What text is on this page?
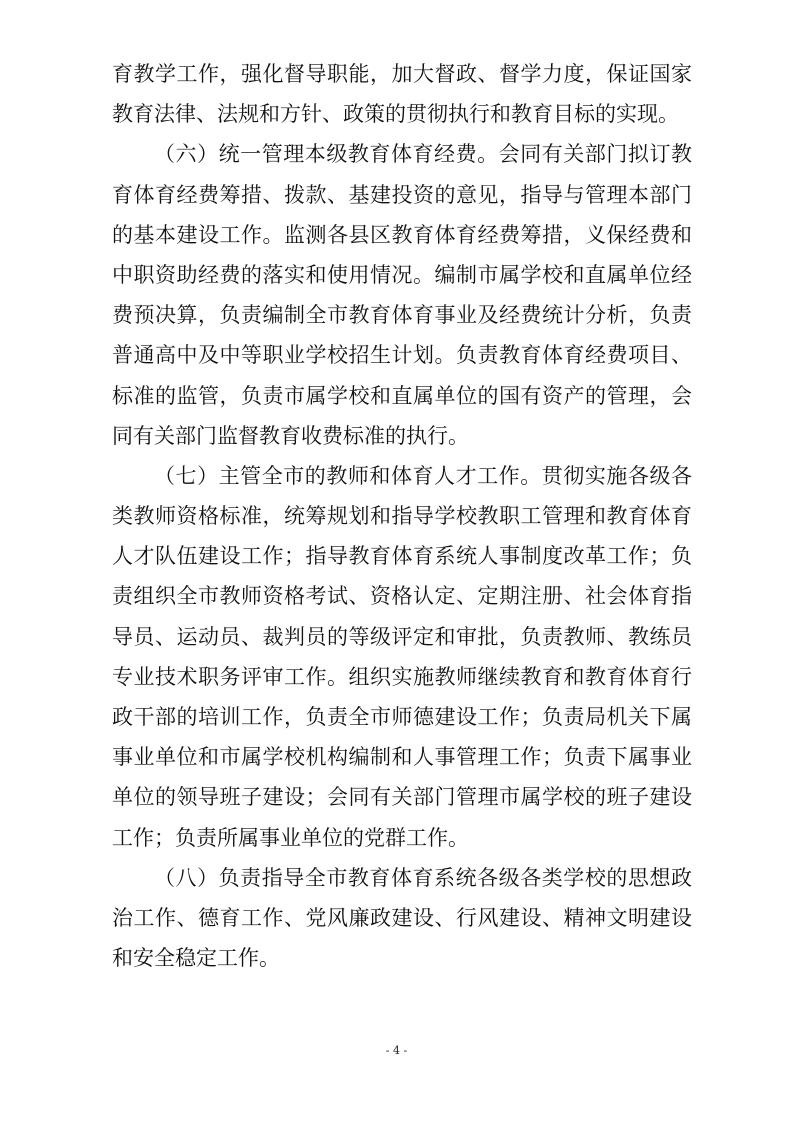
育教学工作，强化督导职能，加大督政、督学力度，保证国家
教育法律、法规和方针、政策的贯彻执行和教育目标的实现。
（六）统一管理本级教育体育经费。会同有关部门拟订教
育体育经费筹措、拨款、基建投资的意见，指导与管理本部门
的基本建设工作。监测各县区教育体育经费筹措，义保经费和
中职资助经费的落实和使用情况。编制市属学校和直属单位经
费预决算，负责编制全市教育体育事业及经费统计分析，负责
普通高中及中等职业学校招生计划。负责教育体育经费项目、
标准的监管，负责市属学校和直属单位的国有资产的管理，会
同有关部门监督教育收费标准的执行。
（七）主管全市的教师和体育人才工作。贯彻实施各级各
类教师资格标准，统筹规划和指导学校教职工管理和教育体育
人才队伍建设工作；指导教育体育系统人事制度改革工作；负
责组织全市教师资格考试、资格认定、定期注册、社会体育指
导员、运动员、裁判员的等级评定和审批，负责教师、教练员
专业技术职务评审工作。组织实施教师继续教育和教育体育行
政干部的培训工作，负责全市师德建设工作；负责局机关下属
事业单位和市属学校机构编制和人事管理工作；负责下属事业
单位的领导班子建设；会同有关部门管理市属学校的班子建设
工作；负责所属事业单位的党群工作。
（八）负责指导全市教育体育系统各级各类学校的思想政
治工作、德育工作、党风廉政建设、行风建设、精神文明建设
和安全稳定工作。
- 4 -
